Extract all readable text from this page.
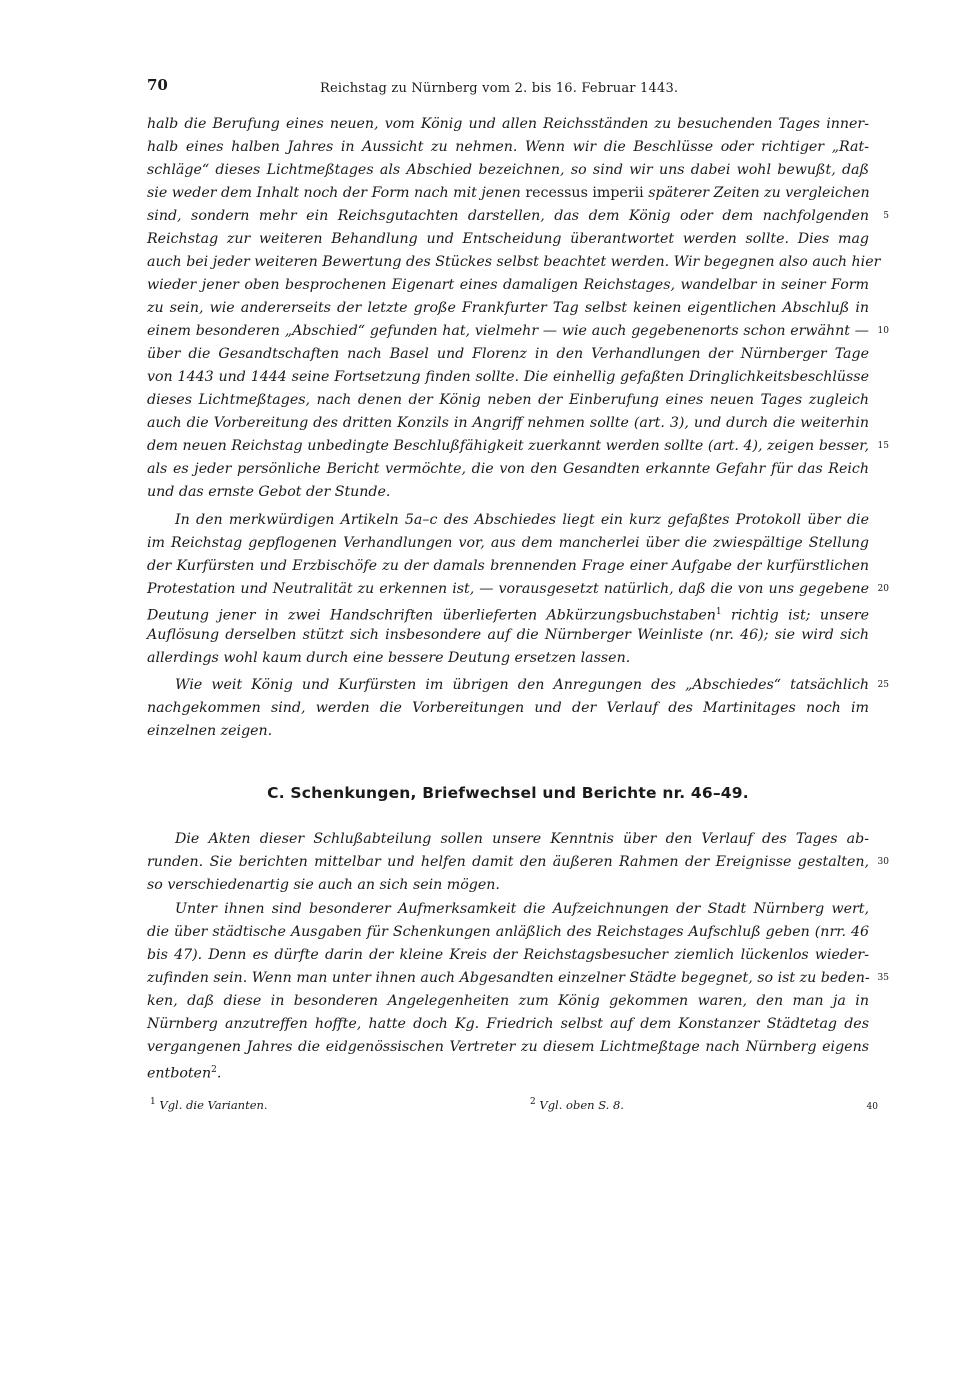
70	Reichstag zu Nürnberg vom 2. bis 16. Februar 1443.
halb die Berufung eines neuen, vom König und allen Reichsständen zu besuchenden Tages inner-
halb eines halben Jahres in Aussicht zu nehmen. Wenn wir die Beschlüsse oder richtiger „Rat-
schläge“ dieses Lichtmeßtages als Abschied bezeichnen, so sind wir uns dabei wohl bewußt, daß
sie weder dem Inhalt noch der Form nach mit jenen recessus imperii späterer Zeiten zu vergleichen
sind, sondern mehr ein Reichsgutachten darstellen, das dem König oder dem nachfolgenden 5
Reichstag zur weiteren Behandlung und Entscheidung überantwortet werden sollte. Dies mag
auch bei jeder weiteren Bewertung des Stückes selbst beachtet werden. Wir begegnen also auch hier
wieder jener oben besprochenen Eigenart eines damaligen Reichstages, wandelbar in seiner Form
zu sein, wie andererseits der letzte große Frankfurter Tag selbst keinen eigentlichen Abschluß in
einem besonderen „Abschied“ gefunden hat, vielmehr — wie auch gegebenenorts schon erwähnt — 10
über die Gesandtschaften nach Basel und Florenz in den Verhandlungen der Nürnberger Tage
von 1443 und 1444 seine Fortsetzung finden sollte. Die einhellig gefaßten Dringlichkeitsbeschlüsse
dieses Lichtmeßtages, nach denen der König neben der Einberufung eines neuen Tages zugleich
auch die Vorbereitung des dritten Konzils in Angriff nehmen sollte (art. 3), und durch die weiterhin
dem neuen Reichstag unbedingte Beschlußfähigkeit zuerkannt werden sollte (art. 4), zeigen besser, 15
als es jeder persönliche Bericht vermöchte, die von den Gesandten erkannte Gefahr für das Reich
und das ernste Gebot der Stunde.
In den merkwürdigen Artikeln 5a–c des Abschiedes liegt ein kurz gefaßtes Protokoll über die
im Reichstag gepflogenen Verhandlungen vor, aus dem mancherlei über die zwiespältige Stellung
der Kurfürsten und Erzbischöfe zu der damals brennenden Frage einer Aufgabe der kurfürstlichen
Protestation und Neutralität zu erkennen ist, — vorausgesetzt natürlich, daß die von uns gegebene 20
Deutung jener in zwei Handschriften überlieferten Abkürzungsbuchstaben$^1$ richtig ist; unsere
Auflösung derselben stützt sich insbesondere auf die Nürnberger Weinliste (nr. 46); sie wird sich
allerdings wohl kaum durch eine bessere Deutung ersetzen lassen.
Wie weit König und Kurfürsten im übrigen den Anregungen des „Abschiedes“ tatsächlich 25
nachgekommen sind, werden die Vorbereitungen und der Verlauf des Martinitages noch im
einzelnen zeigen.
C. Schenkungen, Briefwechsel und Berichte nr. 46–49.
Die Akten dieser Schlußabteilung sollen unsere Kenntnis über den Verlauf des Tages ab-
runden. Sie berichten mittelbar und helfen damit den äußeren Rahmen der Ereignisse gestalten, 30
so verschiedenartig sie auch an sich sein mögen.
Unter ihnen sind besonderer Aufmerksamkeit die Aufzeichnungen der Stadt Nürnberg wert,
die über städtische Ausgaben für Schenkungen anläßlich des Reichstages Aufschluß geben (nrr. 46
bis 47). Denn es dürfte darin der kleine Kreis der Reichstagsbesucher ziemlich lückenlos wieder-
zufinden sein. Wenn man unter ihnen auch Abgesandten einzelner Städte begegnet, so ist zu beden- 35
ken, daß diese in besonderen Angelegenheiten zum König gekommen waren, den man ja in
Nürnberg anzutreffen hoffte, hatte doch Kg. Friedrich selbst auf dem Konstanzer Städtetag des
vergangenen Jahres die eidgenössischen Vertreter zu diesem Lichtmeßtage nach Nürnberg eigens
entboten$^2$.
$^1$ Vgl. die Varianten.	$^2$ Vgl. oben S. 8.	40
